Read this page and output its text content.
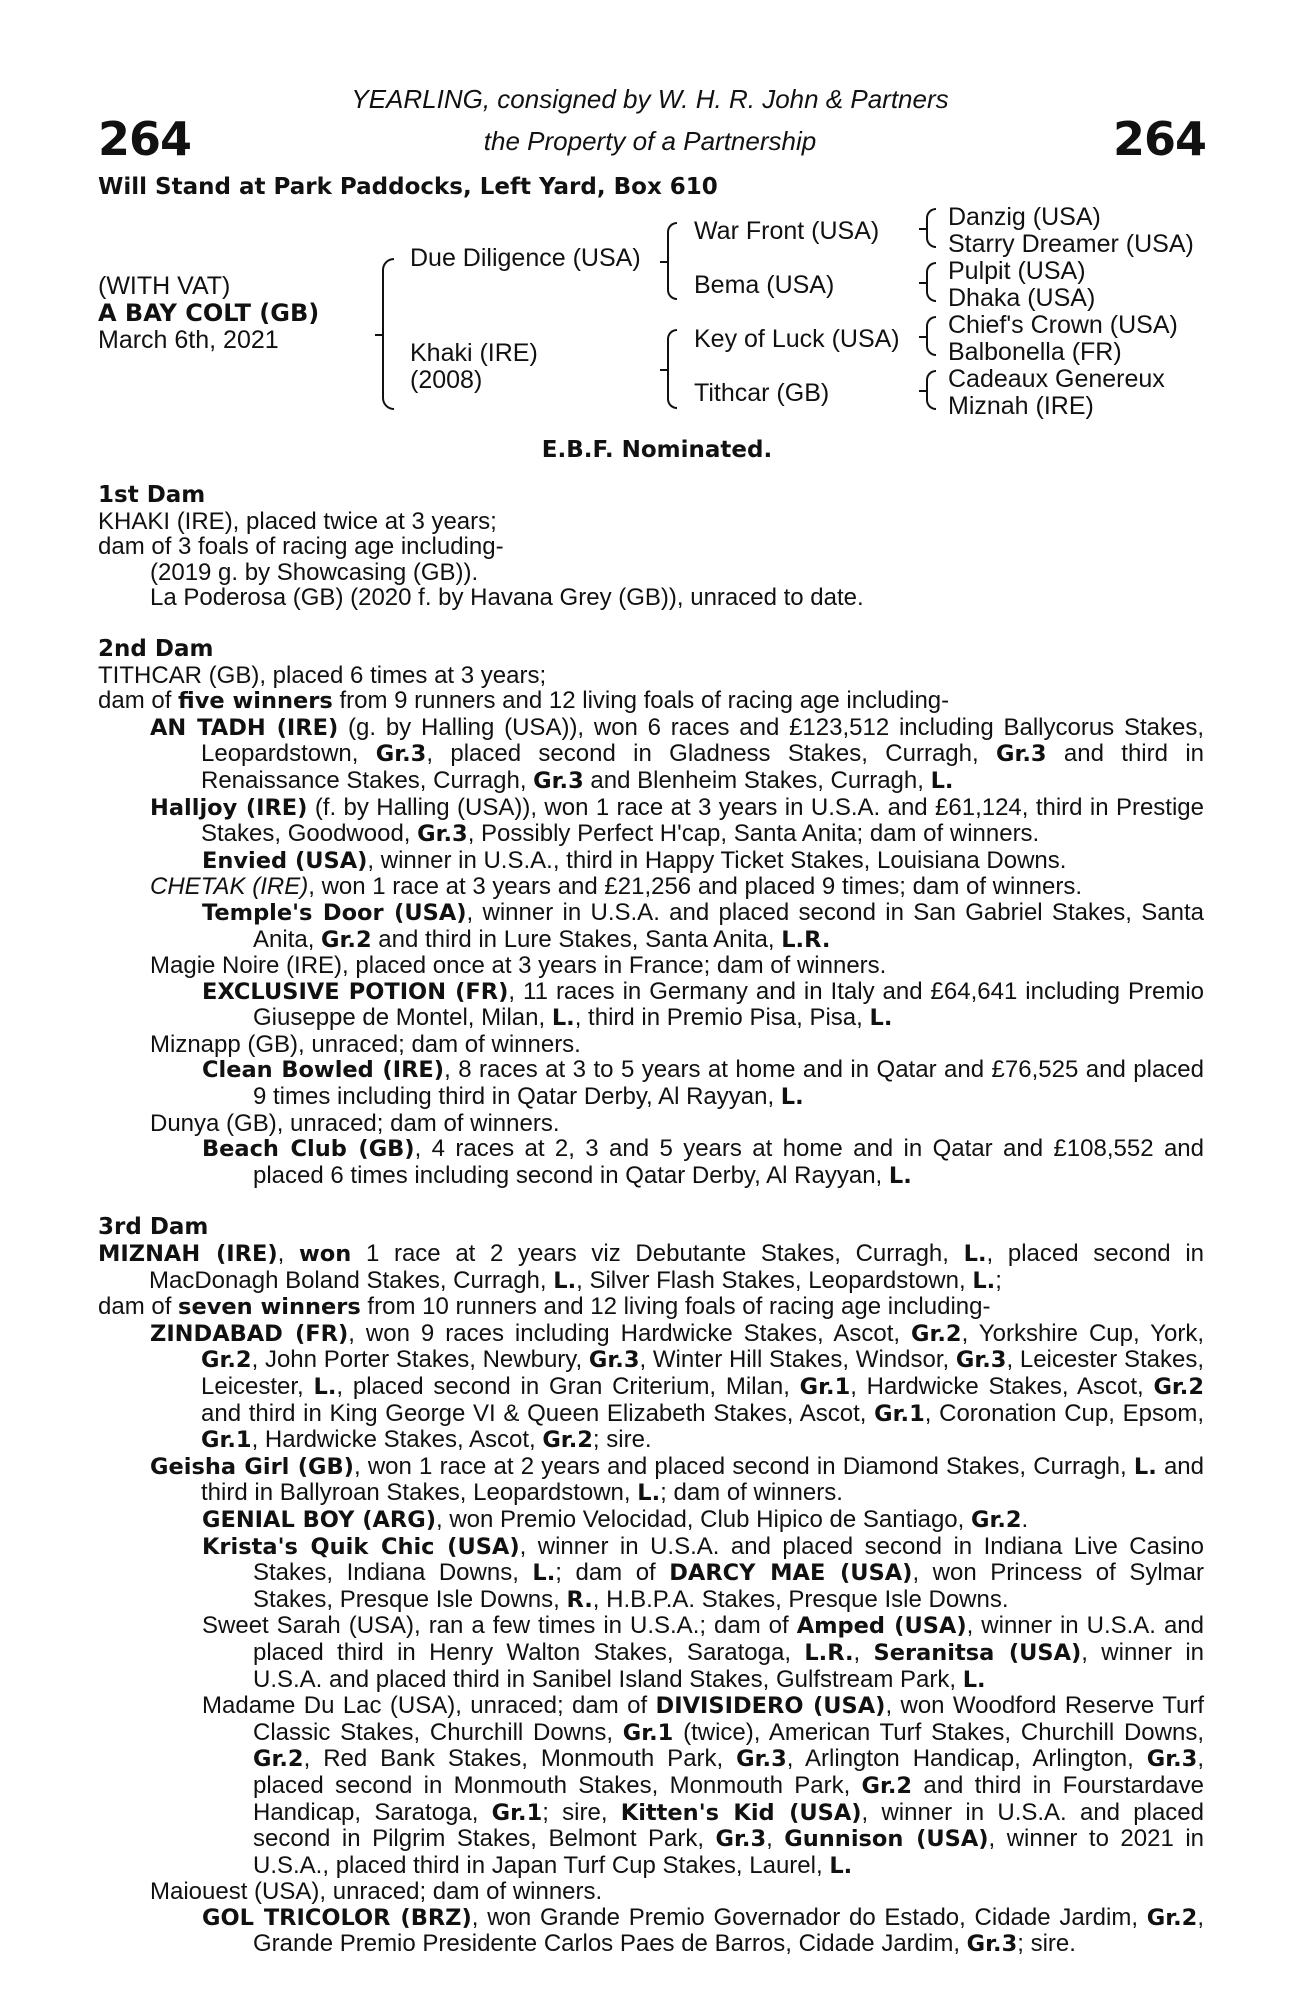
264	264
YEARLING, consigned by W. H. R. John & Partners
the Property of a Partnership
Will Stand at Park Paddocks, Left Yard, Box 610
(WITH VAT)
A BAY COLT (GB)
March 6th, 2021
Due Diligence (USA)
Khaki (IRE)
(2008)
War Front (USA)
Bema (USA)
Key of Luck (USA)
Tithcar (GB)
Danzig (USA)
Starry Dreamer (USA)
Pulpit (USA)
Dhaka (USA)
Chief's Crown (USA)
Balbonella (FR)
Cadeaux Genereux
Miznah (IRE)
E.B.F. Nominated.
1st Dam
KHAKI (IRE), placed twice at 3 years;
dam of 3 foals of racing age including-
(2019 g. by Showcasing (GB)).
La Poderosa (GB) (2020 f. by Havana Grey (GB)), unraced to date.
2nd Dam
TITHCAR (GB), placed 6 times at 3 years;
dam of five winners from 9 runners and 12 living foals of racing age including-
AN TADH (IRE) (g. by Halling (USA)), won 6 races and £123,512 including Ballycorus Stakes, Leopardstown, Gr.3, placed second in Gladness Stakes, Curragh, Gr.3 and third in Renaissance Stakes, Curragh, Gr.3 and Blenheim Stakes, Curragh, L.
Halljoy (IRE) (f. by Halling (USA)), won 1 race at 3 years in U.S.A. and £61,124, third in Prestige Stakes, Goodwood, Gr.3, Possibly Perfect H'cap, Santa Anita; dam of winners.
Envied (USA), winner in U.S.A., third in Happy Ticket Stakes, Louisiana Downs.
CHETAK (IRE), won 1 race at 3 years and £21,256 and placed 9 times; dam of winners.
Temple's Door (USA), winner in U.S.A. and placed second in San Gabriel Stakes, Santa Anita, Gr.2 and third in Lure Stakes, Santa Anita, L.R.
Magie Noire (IRE), placed once at 3 years in France; dam of winners.
EXCLUSIVE POTION (FR), 11 races in Germany and in Italy and £64,641 including Premio Giuseppe de Montel, Milan, L., third in Premio Pisa, Pisa, L.
Miznapp (GB), unraced; dam of winners.
Clean Bowled (IRE), 8 races at 3 to 5 years at home and in Qatar and £76,525 and placed 9 times including third in Qatar Derby, Al Rayyan, L.
Dunya (GB), unraced; dam of winners.
Beach Club (GB), 4 races at 2, 3 and 5 years at home and in Qatar and £108,552 and placed 6 times including second in Qatar Derby, Al Rayyan, L.
3rd Dam
MIZNAH (IRE), won 1 race at 2 years viz Debutante Stakes, Curragh, L., placed second in MacDonagh Boland Stakes, Curragh, L., Silver Flash Stakes, Leopardstown, L.;
dam of seven winners from 10 runners and 12 living foals of racing age including-
ZINDABAD (FR), won 9 races including Hardwicke Stakes, Ascot, Gr.2, Yorkshire Cup, York, Gr.2, John Porter Stakes, Newbury, Gr.3, Winter Hill Stakes, Windsor, Gr.3, Leicester Stakes, Leicester, L., placed second in Gran Criterium, Milan, Gr.1, Hardwicke Stakes, Ascot, Gr.2 and third in King George VI & Queen Elizabeth Stakes, Ascot, Gr.1, Coronation Cup, Epsom, Gr.1, Hardwicke Stakes, Ascot, Gr.2; sire.
Geisha Girl (GB), won 1 race at 2 years and placed second in Diamond Stakes, Curragh, L. and third in Ballyroan Stakes, Leopardstown, L.; dam of winners.
GENIAL BOY (ARG), won Premio Velocidad, Club Hipico de Santiago, Gr.2.
Krista's Quik Chic (USA), winner in U.S.A. and placed second in Indiana Live Casino Stakes, Indiana Downs, L.; dam of DARCY MAE (USA), won Princess of Sylmar Stakes, Presque Isle Downs, R., H.B.P.A. Stakes, Presque Isle Downs.
Sweet Sarah (USA), ran a few times in U.S.A.; dam of Amped (USA), winner in U.S.A. and placed third in Henry Walton Stakes, Saratoga, L.R., Seranitsa (USA), winner in U.S.A. and placed third in Sanibel Island Stakes, Gulfstream Park, L.
Madame Du Lac (USA), unraced; dam of DIVISIDERO (USA), won Woodford Reserve Turf Classic Stakes, Churchill Downs, Gr.1 (twice), American Turf Stakes, Churchill Downs, Gr.2, Red Bank Stakes, Monmouth Park, Gr.3, Arlington Handicap, Arlington, Gr.3, placed second in Monmouth Stakes, Monmouth Park, Gr.2 and third in Fourstardave Handicap, Saratoga, Gr.1; sire, Kitten's Kid (USA), winner in U.S.A. and placed second in Pilgrim Stakes, Belmont Park, Gr.3, Gunnison (USA), winner to 2021 in U.S.A., placed third in Japan Turf Cup Stakes, Laurel, L.
Maiouest (USA), unraced; dam of winners.
GOL TRICOLOR (BRZ), won Grande Premio Governador do Estado, Cidade Jardim, Gr.2, Grande Premio Presidente Carlos Paes de Barros, Cidade Jardim, Gr.3; sire.
